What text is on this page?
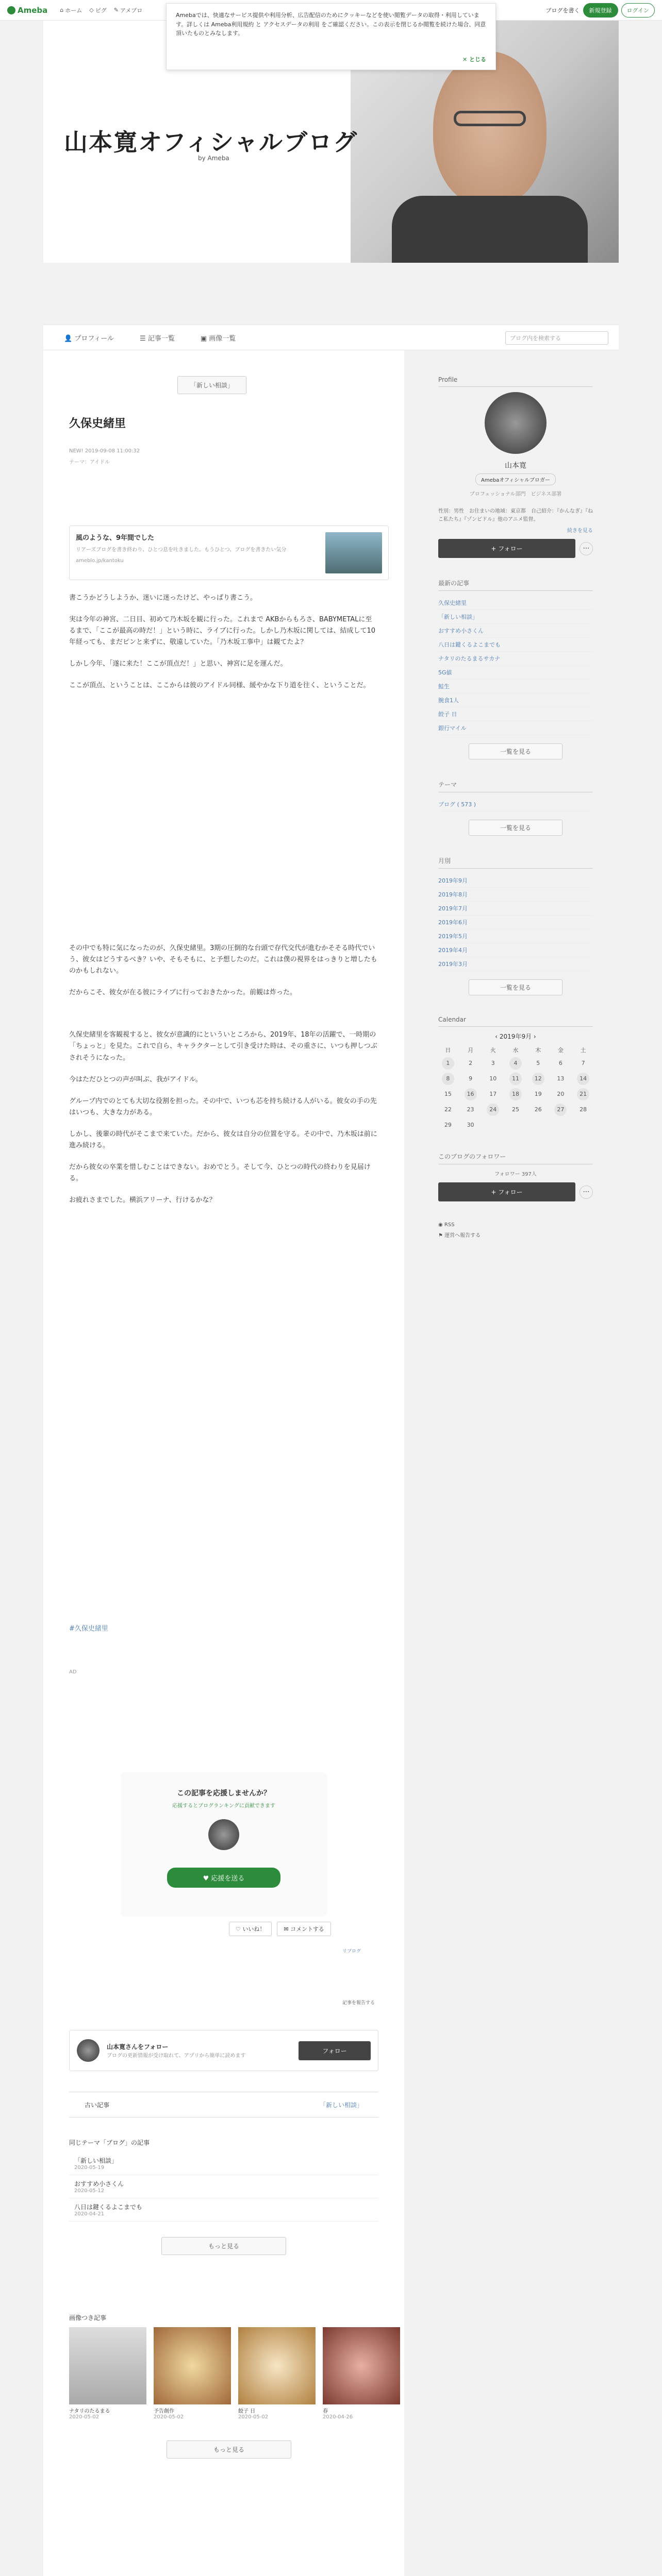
Ameba ⌂ ホーム ◇ ピグ ✎ アメブロ	ブログを書く	新規登録	ログイン
Amebaでは、快適なサービス提供や利用分析、広告配信のためにクッキーなどを使い閲覧データの取得・利用しています。詳しくは Ameba利用規約 と アクセスデータの利用 をご確認ください。この表示を閉じるか閲覧を続けた場合、同意頂いたものとみなします。
✕ とじる
山本寛オフィシャルブログ
by Ameba
👤 プロフィール	☰ 記事一覧	▣ 画像一覧	ブログ内を検索する
「新しい相談」
久保史緒里
NEW! 2019-09-08 11:00:32
テーマ：アイドル
風のような、9年間でした
リアーズブログを書き終わり、ひとつ息を吐きました。もうひとつ、ブログを書きたい気分
ameblo.jp/kantoku

書こうかどうしようか、迷いに迷ったけど、やっぱり書こう。

実は今年の神宮、二日目、初めて乃木坂を観に行った。これまで AKBからもろさ、BABYMETALに至るまで、「ここが最高の時だ！」という時に、ライブに行った。しかし乃木坂に関しては、結成して10年経っても、まだピンと来ずに、敬遠していた。「乃木坂工事中」は観てたよ？

しかし今年、「遂に来た！ここが頂点だ！」と思い、神宮に足を運んだ。

ここが頂点、ということは、ここからは彼のアイドル同様、緩やかな下り道を往く、ということだ。

その中でも特に気になったのが、久保史緒里。3期の圧倒的な台頭で存代交代が進むかそそる時代でいう、彼女はどうするべき？いや、そもそもに、と予想したのだ。これは僕の視界をはっきりと増したものかもしれない。

だからこそ、彼女が在る彼にライブに行っておきたかった。前観は炸った。

久保史緒里を客観視すると、彼女が意識的にといういところから、2019年、18年の活躍で、一時期の「ちょっと」を見た。これで自ら、キャラクターとして引き受けた時は、その重さに、いつも押しつぶされそうになった。

今はただひとつの声が叫ぶ、我がアイドル。

グループ内でのとても大切な役割を担った。その中で、いつも芯を持ち続ける人がいる。彼女の手の先はいつも、大きな力がある。

しかし、後輩の時代がそこまで来ていた。だから、彼女は自分の位置を守る。その中で、乃木坂は前に進み続ける。

だから彼女の卒業を惜しむことはできない。おめでとう。そして今、ひとつの時代の終わりを見届ける。

お疲れさまでした。横浜アリーナ、行けるかな？

#久保史緒里
AD
この記事を応援しませんか？
応援するとブログランキングに貢献できます
♥ 応援を送る
♡ いいね！	✉ コメントする
リブログ
記事を報告する
山本寛さんをフォロー
ブログの更新情報が受け取れて、アプリから簡単に読めます
フォロー
古い記事	「新しい相談」
同じテーマ「ブログ」の記事
「新しい相談」
2020-05-19
おすすめ小さくん
2020-05-12
八日は鍵くるよこまでも
2020-04-21
もっと見る
画像つき記事
ナタリのたるまる
2020-05-02
予告創作
2020-05-02
餃子 日
2020-05-02
春
2020-04-26
もっと見る
Profile
山本寛
Amebaオフィシャルブロガー
プロフェッショナル部門　ビジネス部署
性別：男性　お住まいの地域：東京都　自己紹介：『かんなぎ』『ねこ私たち』『ゾンビドル』他のアニメ監督。
続きを見る
+ フォロー	⋯
最新の記事
久保史緒里
「新しい相談」
おすすめ小さくん
八日は鍵くるよこまでも
ナタリのたるまるサカナ
5G値
鮭生
腕食1人
餃子 日
銀行マイル
一覧を見る
テーマ
ブログ ( 573 )
一覧を見る
月別
2019年9月
2019年8月
2019年7月
2019年6月
2019年5月
2019年4月
2019年3月
一覧を見る
Calendar
‹ 2019年9月 ›
日	月	火	水	木	金	土
1	2	3	4	5	6	7
8	9	10	11	12	13	14
15	16	17	18	19	20	21
22	23	24	25	26	27	28
29	30
このブログのフォロワー
フォロワー 397人
+ フォロー	⋯
◉ RSS
⚑ 運営へ報告する
